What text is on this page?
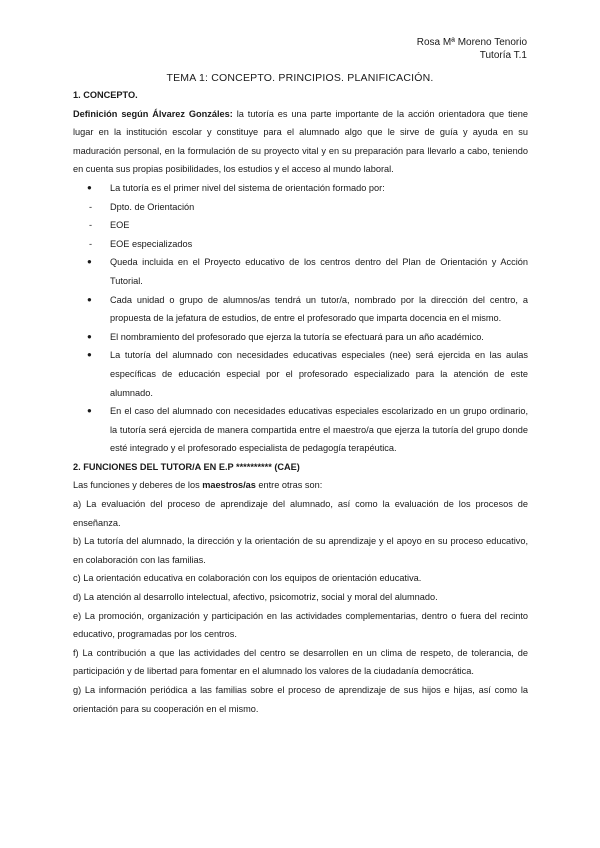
Rosa Mª Moreno Tenorio
Tutoría T.1
TEMA 1: CONCEPTO. PRINCIPIOS. PLANIFICACIÓN.
1. CONCEPTO.

Definición según Álvarez Gonzáles: la tutoría es una parte importante de la acción orientadora que tiene lugar en la institución escolar y constituye para el alumnado algo que le sirve de guía y ayuda en su maduración personal, en la formulación de su proyecto vital y en su preparación para llevarlo a cabo, teniendo en cuenta sus propias posibilidades, los estudios y el acceso al mundo laboral.

● La tutoría es el primer nivel del sistema de orientación formado por:
- Dpto. de Orientación
- EOE
- EOE especializados
● Queda incluida en el Proyecto educativo de los centros dentro del Plan de Orientación y Acción Tutorial.
● Cada unidad o grupo de alumnos/as tendrá un tutor/a, nombrado por la dirección del centro, a propuesta de la jefatura de estudios, de entre el profesorado que imparta docencia en el mismo.
● El nombramiento del profesorado que ejerza la tutoría se efectuará para un año académico.
● La tutoría del alumnado con necesidades educativas especiales (nee) será ejercida en las aulas específicas de educación especial por el profesorado especializado para la atención de este alumnado.
● En el caso del alumnado con necesidades educativas especiales escolarizado en un grupo ordinario, la tutoría será ejercida de manera compartida entre el maestro/a que ejerza la tutoría del grupo donde esté integrado y el profesorado especialista de pedagogía terapéutica.
2. FUNCIONES DEL TUTOR/A EN E.P ********** (CAE)

Las funciones y deberes de los maestros/as entre otras son:

a) La evaluación del proceso de aprendizaje del alumnado, así como la evaluación de los procesos de enseñanza.

b) La tutoría del alumnado, la dirección y la orientación de su aprendizaje y el apoyo en su proceso educativo, en colaboración con las familias.

c) La orientación educativa en colaboración con los equipos de orientación educativa.

d) La atención al desarrollo intelectual, afectivo, psicomotriz, social y moral del alumnado.

e) La promoción, organización y participación en las actividades complementarias, dentro o fuera del recinto educativo, programadas por los centros.

f) La contribución a que las actividades del centro se desarrollen en un clima de respeto, de tolerancia, de participación y de libertad para fomentar en el alumnado los valores de la ciudadanía democrática.

g) La información periódica a las familias sobre el proceso de aprendizaje de sus hijos e hijas, así como la orientación para su cooperación en el mismo.
